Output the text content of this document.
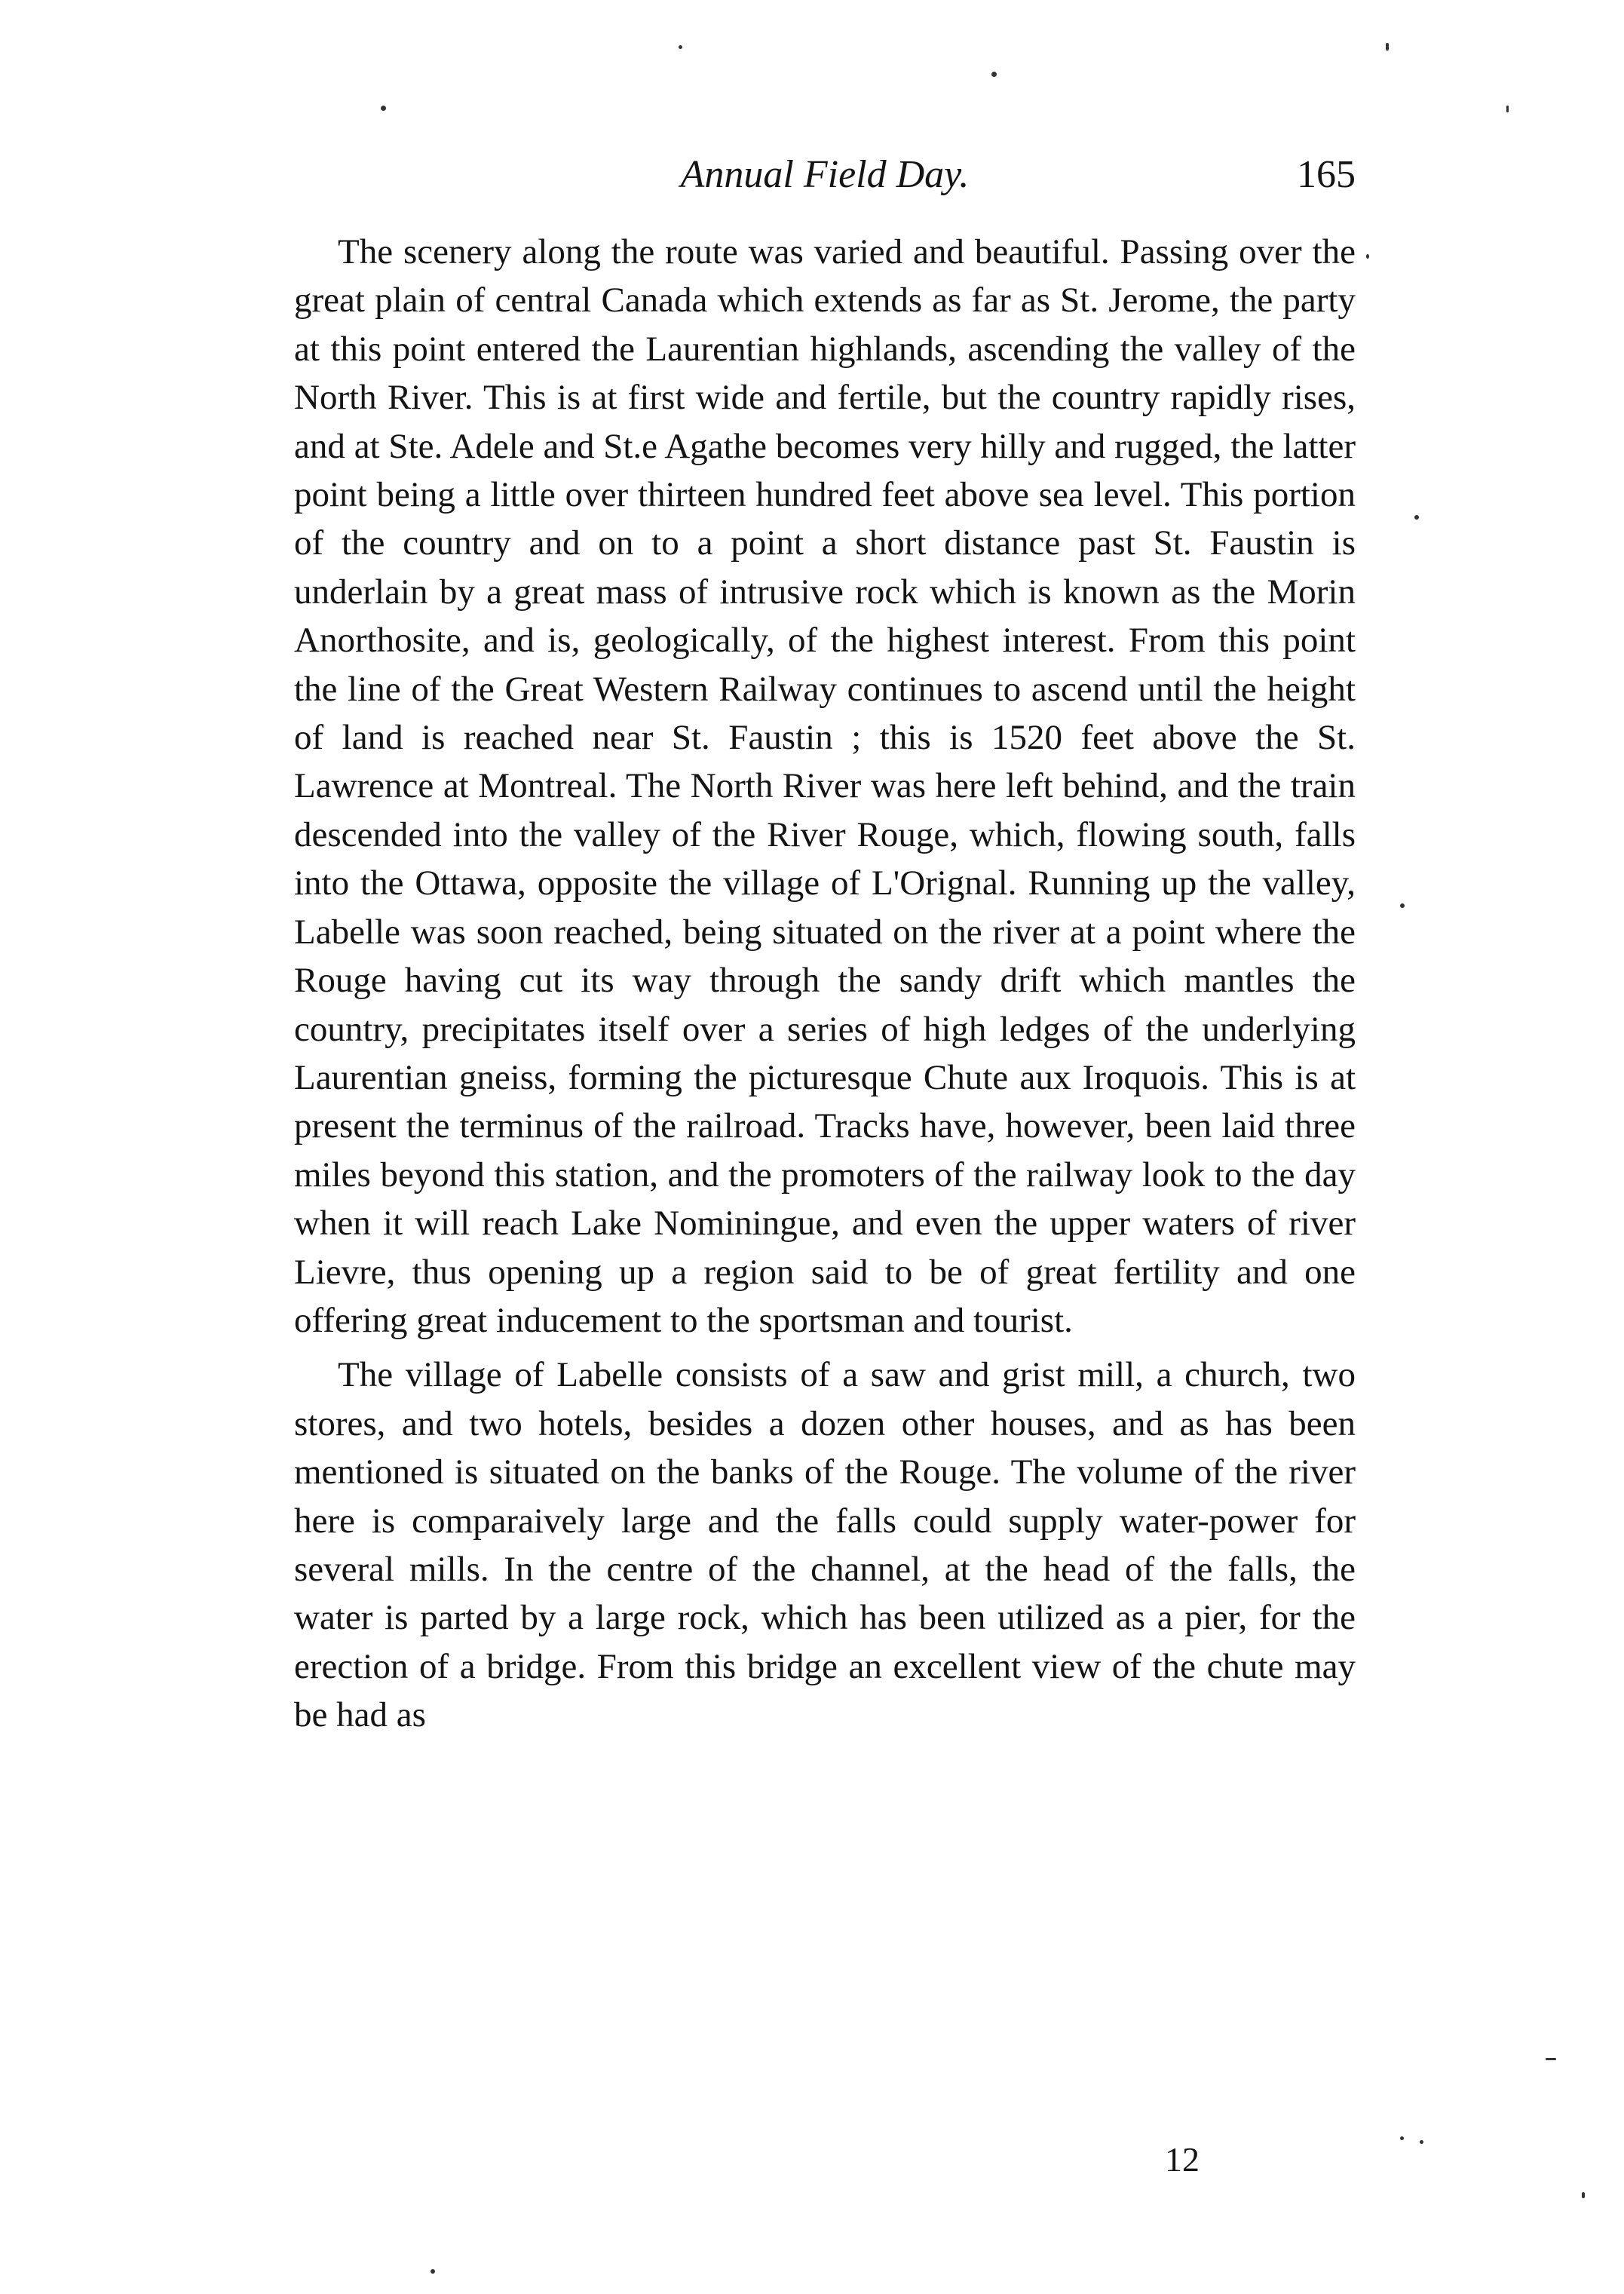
Annual Field Day.	165

The scenery along the route was varied and beautiful. Passing over the great plain of central Canada which extends as far as St. Jerome, the party at this point entered the Laurentian highlands, ascending the valley of the North River. This is at first wide and fertile, but the country rapidly rises, and at Ste. Adele and St.e Agathe becomes very hilly and rugged, the latter point being a little over thirteen hundred feet above sea level. This portion of the country and on to a point a short distance past St. Faustin is underlain by a great mass of intrusive rock which is known as the Morin Anorthosite, and is, geologically, of the highest interest. From this point the line of the Great Western Railway continues to ascend until the height of land is reached near St. Faustin ; this is 1520 feet above the St. Lawrence at Montreal. The North River was here left behind, and the train descended into the valley of the River Rouge, which, flowing south, falls into the Ottawa, opposite the village of L'Orignal. Running up the valley, Labelle was soon reached, being situated on the river at a point where the Rouge having cut its way through the sandy drift which mantles the country, precipitates itself over a series of high ledges of the underlying Laurentian gneiss, forming the picturesque Chute aux Iroquois. This is at present the terminus of the railroad. Tracks have, however, been laid three miles beyond this station, and the promoters of the railway look to the day when it will reach Lake Nominingue, and even the upper waters of river Lievre, thus opening up a region said to be of great fertility and one offering great inducement to the sportsman and tourist.

The village of Labelle consists of a saw and grist mill, a church, two stores, and two hotels, besides a dozen other houses, and as has been mentioned is situated on the banks of the Rouge. The volume of the river here is comparaively large and the falls could supply water-power for several mills. In the centre of the channel, at the head of the falls, the water is parted by a large rock, which has been utilized as a pier, for the erection of a bridge. From this bridge an excellent view of the chute may be had as

12
